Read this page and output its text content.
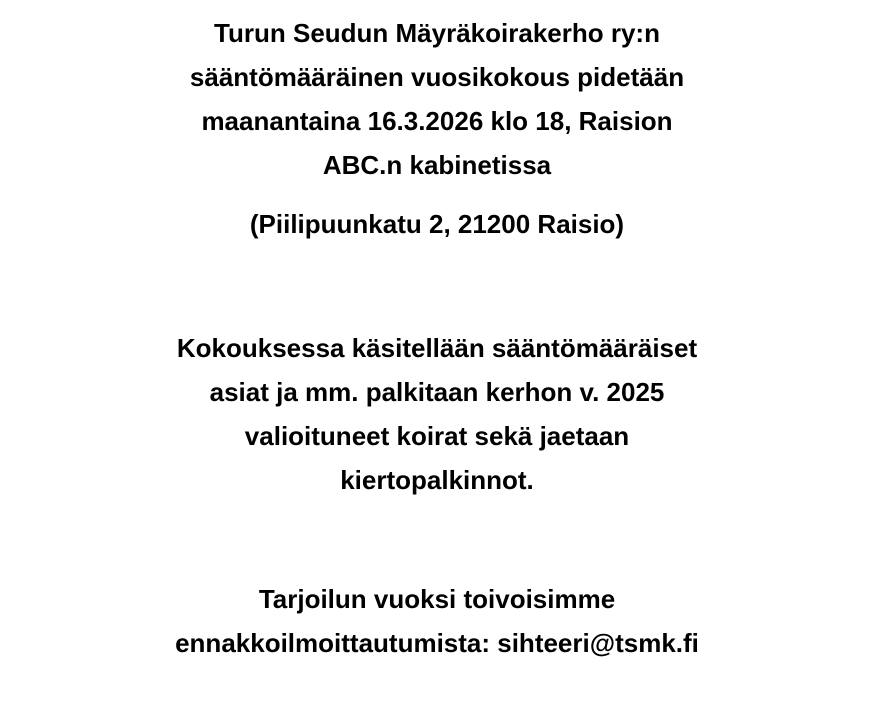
Turun Seudun Mäyräkoirakerho ry:n
sääntömääräinen vuosikokous pidetään
maanantaina 16.3.2026 klo 18, Raision
ABC.n kabinetissa
(Piilipuunkatu 2, 21200 Raisio)
Kokouksessa käsitellään sääntömääräiset
asiat ja mm. palkitaan kerhon v. 2025
valioituneet koirat sekä jaetaan
kiertopalkinnot.
Tarjoilun vuoksi toivoisimme
ennakkoilmoittautumista: sihteeri@tsmk.fi
